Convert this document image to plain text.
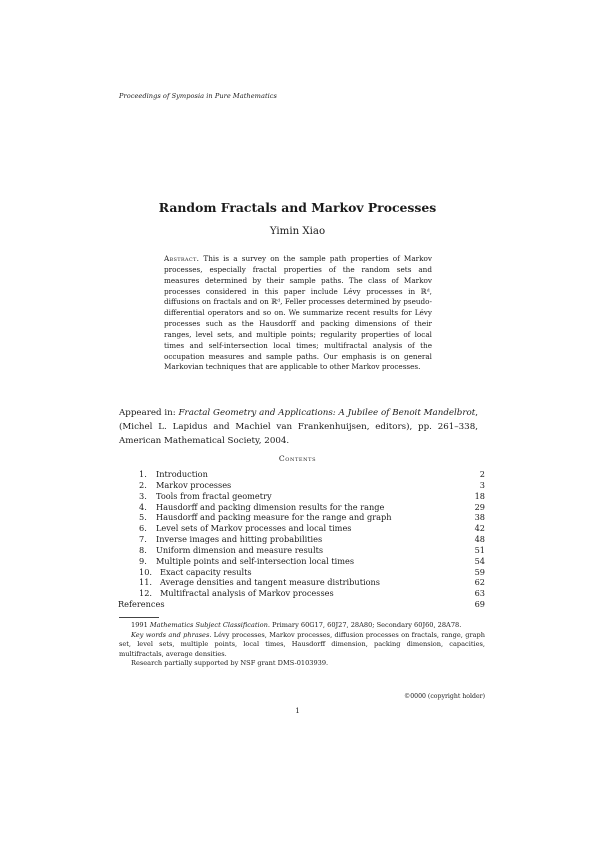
Proceedings of Symposia in Pure Mathematics
Random Fractals and Markov Processes
Yimin Xiao
Abstract. This is a survey on the sample path properties of Markov processes, especially fractal properties of the random sets and measures determined by their sample paths. The class of Markov processes considered in this paper include Lévy processes in ℝᵈ, diffusions on fractals and on ℝᵈ, Feller processes determined by pseudo-differential operators and so on. We summarize recent results for Lévy processes such as the Hausdorff and packing dimensions of their ranges, level sets, and multiple points; regularity properties of local times and self-intersection local times; multifractal analysis of the occupation measures and sample paths. Our emphasis is on general Markovian techniques that are applicable to other Markov processes.
Appeared in: Fractal Geometry and Applications: A Jubilee of Benoit Mandelbrot, (Michel L. Lapidus and Machiel van Frankenhuijsen, editors), pp. 261–338, American Mathematical Society, 2004.
Contents
1. Introduction	2
2. Markov processes	3
3. Tools from fractal geometry	18
4. Hausdorff and packing dimension results for the range	29
5. Hausdorff and packing measure for the range and graph	38
6. Level sets of Markov processes and local times	42
7. Inverse images and hitting probabilities	48
8. Uniform dimension and measure results	51
9. Multiple points and self-intersection local times	54
10. Exact capacity results	59
11. Average densities and tangent measure distributions	62
12. Multifractal analysis of Markov processes	63
References	69

1991 Mathematics Subject Classification. Primary 60G17, 60J27, 28A80; Secondary 60J60, 28A78.

Key words and phrases. Lévy processes, Markov processes, diffusion processes on fractals, range, graph set, level sets, multiple points, local times, Hausdorff dimension, packing dimension, capacities, multifractals, average densities.

Research partially supported by NSF grant DMS-0103939.

©0000 (copyright holder)
1
